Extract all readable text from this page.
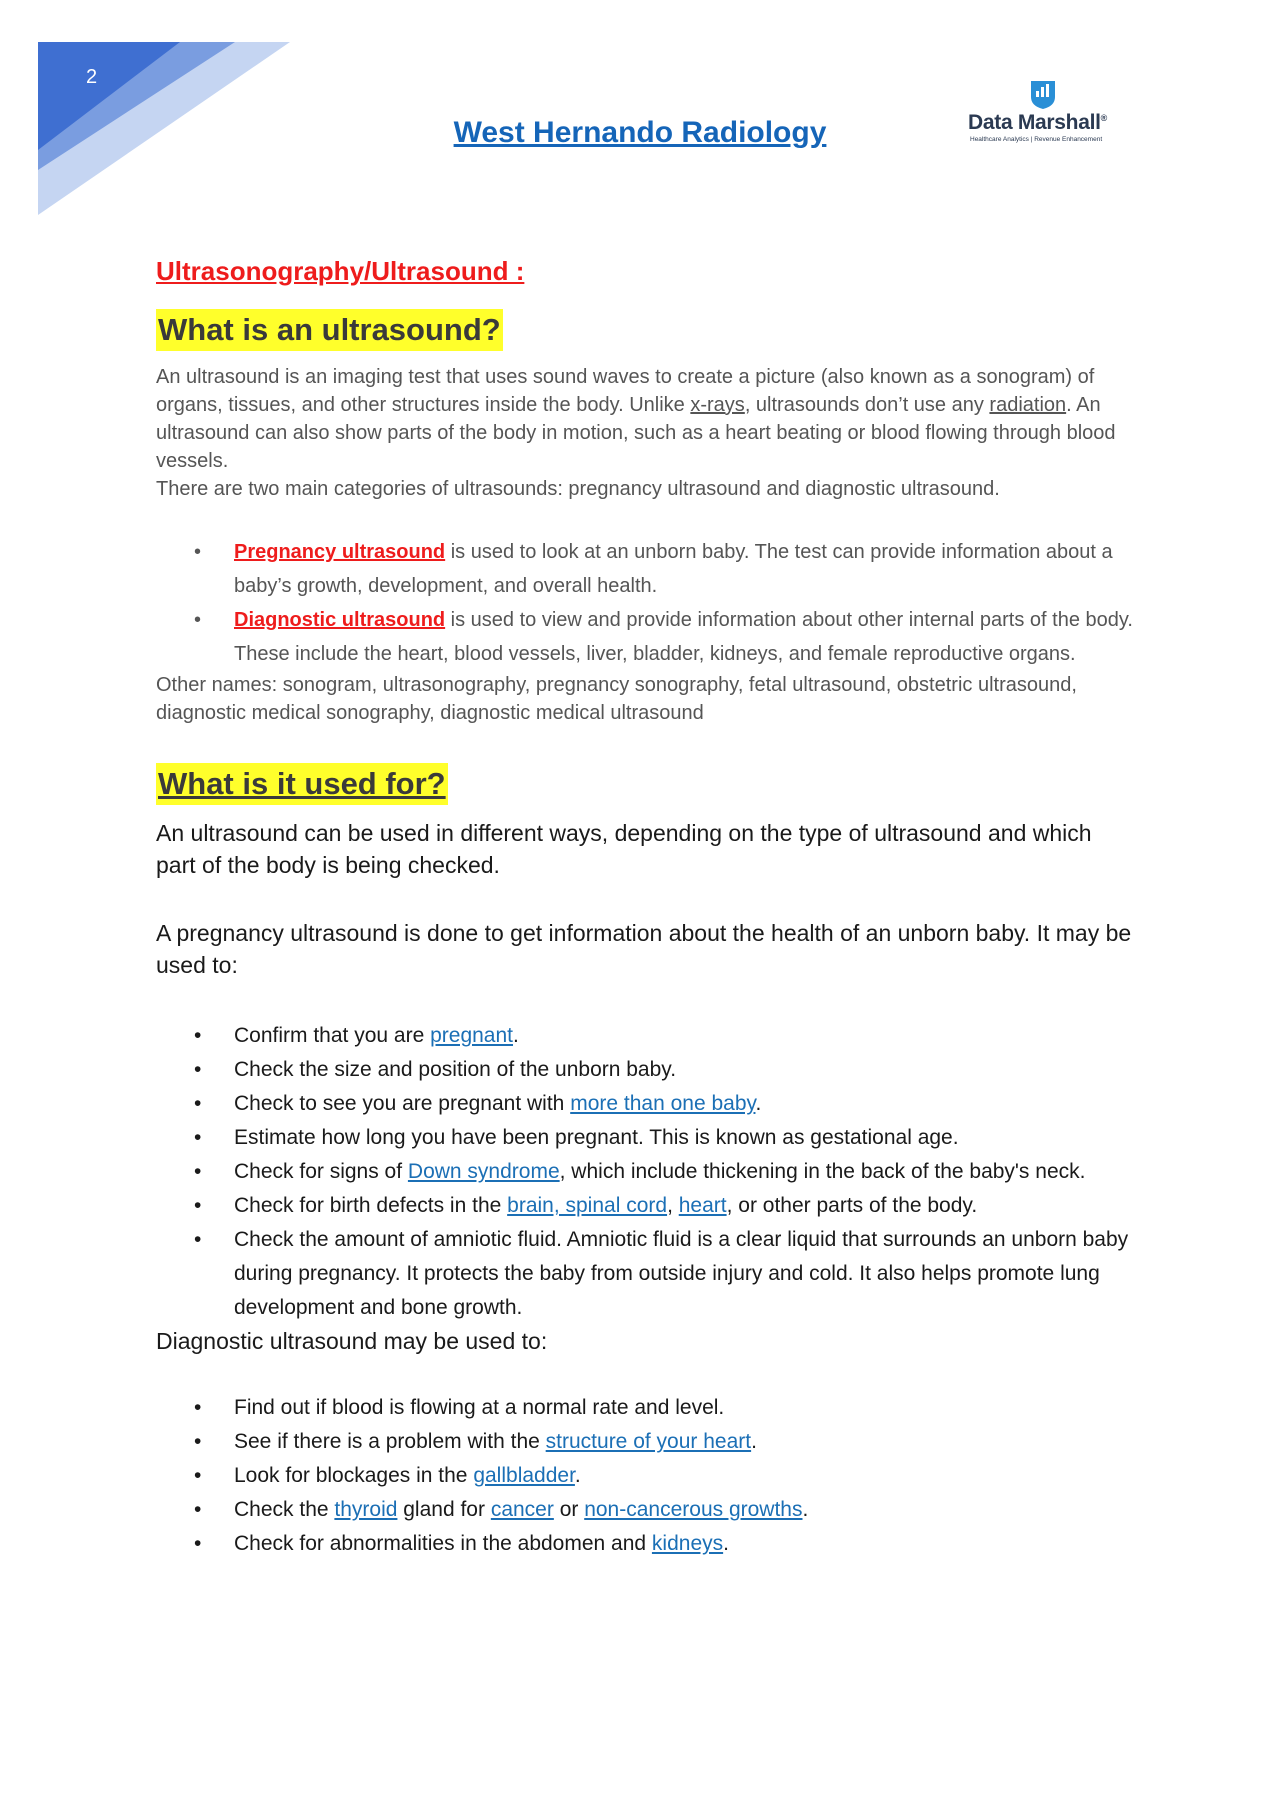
2
West Hernando Radiology	Data Marshall®
Healthcare Analytics | Revenue Enhancement

Ultrasonography/Ultrasound :

What is an ultrasound?

An ultrasound is an imaging test that uses sound waves to create a picture (also known as a sonogram) of organs, tissues, and other structures inside the body. Unlike x-rays, ultrasounds don’t use any radiation. An ultrasound can also show parts of the body in motion, such as a heart beating or blood flowing through blood vessels.

There are two main categories of ultrasounds: pregnancy ultrasound and diagnostic ultrasound.

• Pregnancy ultrasound is used to look at an unborn baby. The test can provide information about a baby’s growth, development, and overall health.
• Diagnostic ultrasound is used to view and provide information about other internal parts of the body. These include the heart, blood vessels, liver, bladder, kidneys, and female reproductive organs.

Other names: sonogram, ultrasonography, pregnancy sonography, fetal ultrasound, obstetric ultrasound, diagnostic medical sonography, diagnostic medical ultrasound

What is it used for?

An ultrasound can be used in different ways, depending on the type of ultrasound and which part of the body is being checked.

A pregnancy ultrasound is done to get information about the health of an unborn baby. It may be used to:

• Confirm that you are pregnant.
• Check the size and position of the unborn baby.
• Check to see you are pregnant with more than one baby.
• Estimate how long you have been pregnant. This is known as gestational age.
• Check for signs of Down syndrome, which include thickening in the back of the baby's neck.
• Check for birth defects in the brain, spinal cord, heart, or other parts of the body.
• Check the amount of amniotic fluid. Amniotic fluid is a clear liquid that surrounds an unborn baby during pregnancy. It protects the baby from outside injury and cold. It also helps promote lung development and bone growth.

Diagnostic ultrasound may be used to:

• Find out if blood is flowing at a normal rate and level.
• See if there is a problem with the structure of your heart.
• Look for blockages in the gallbladder.
• Check the thyroid gland for cancer or non-cancerous growths.
• Check for abnormalities in the abdomen and kidneys.
